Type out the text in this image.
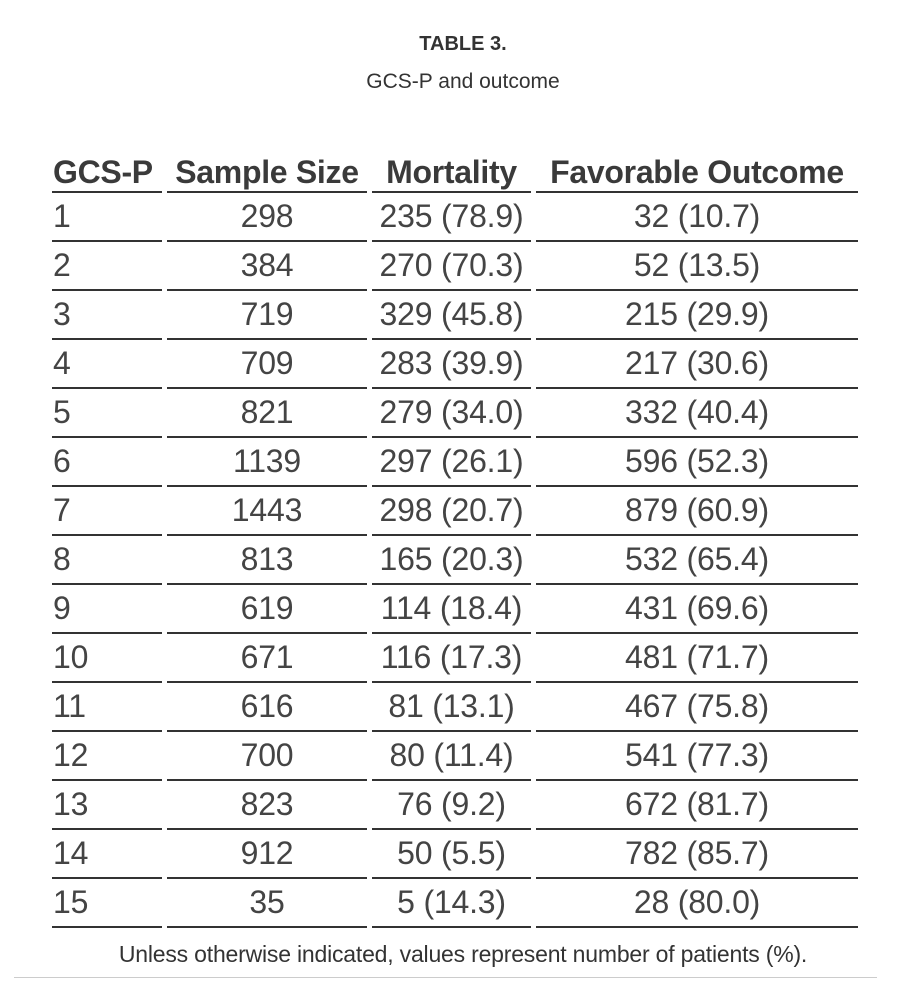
TABLE 3.
GCS-P and outcome
GCS-P	Sample Size	Mortality	Favorable Outcome
1	298	235 (78.9)	32 (10.7)
2	384	270 (70.3)	52 (13.5)
3	719	329 (45.8)	215 (29.9)
4	709	283 (39.9)	217 (30.6)
5	821	279 (34.0)	332 (40.4)
6	1139	297 (26.1)	596 (52.3)
7	1443	298 (20.7)	879 (60.9)
8	813	165 (20.3)	532 (65.4)
9	619	114 (18.4)	431 (69.6)
10	671	116 (17.3)	481 (71.7)
11	616	81 (13.1)	467 (75.8)
12	700	80 (11.4)	541 (77.3)
13	823	76 (9.2)	672 (81.7)
14	912	50 (5.5)	782 (85.7)
15	35	5 (14.3)	28 (80.0)
Unless otherwise indicated, values represent number of patients (%).
